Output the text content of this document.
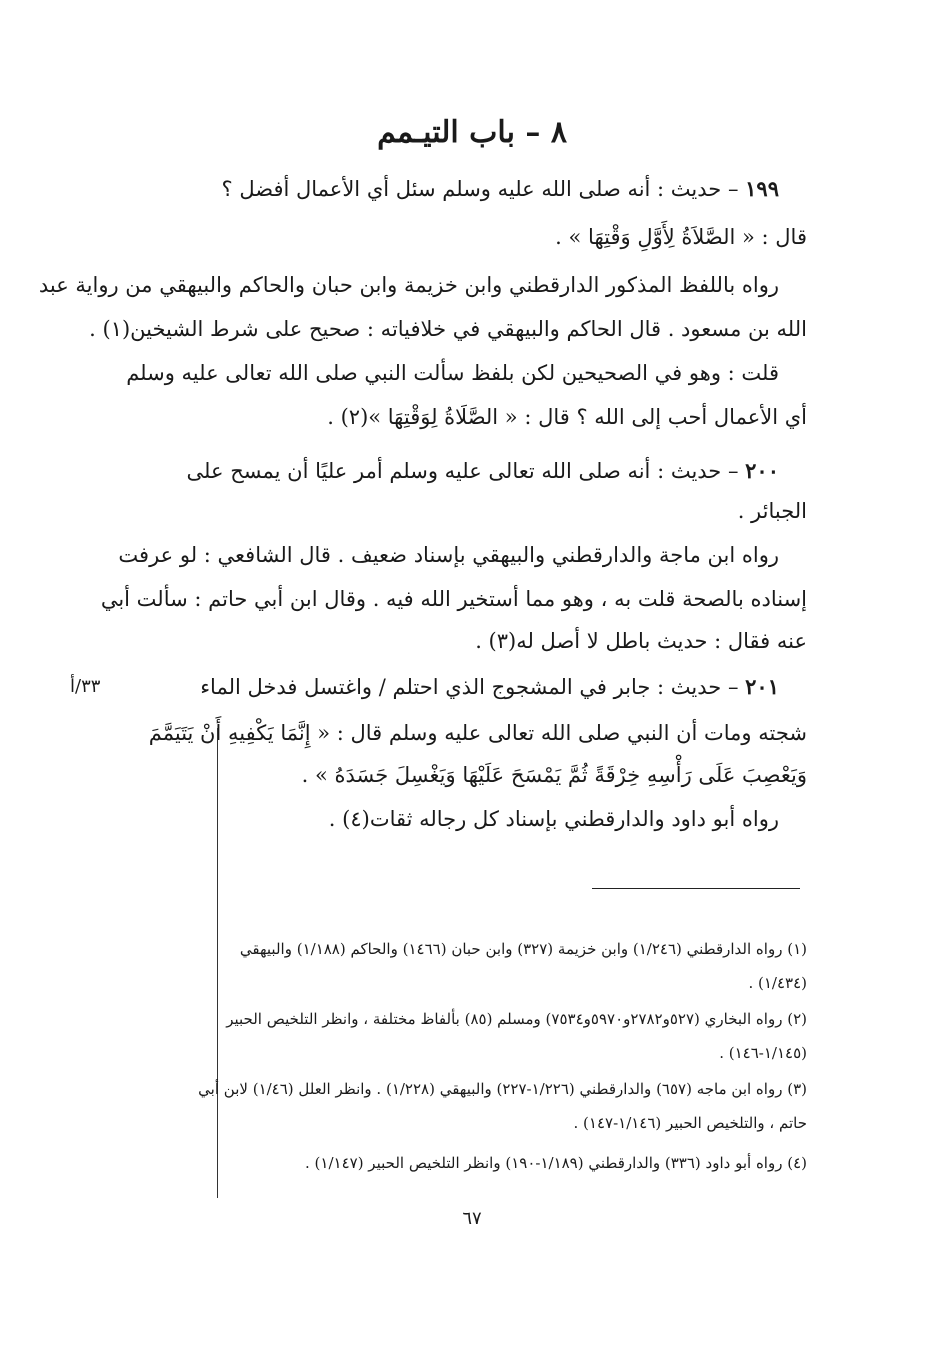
٨ – باب التيـمم
١٩٩ – حديث : أنه صلى الله عليه وسلم سئل أي الأعمال أفضل ؟
قال : « الصَّلاَةُ لِأَوَّلِ وَقْتِهَا » .
رواه باللفظ المذكور الدارقطني وابن خزيمة وابن حبان والحاكم والبيهقي من رواية عبد
الله بن مسعود . قال الحاكم والبيهقي في خلافياته : صحيح على شرط الشيخين(١) .
قلت : وهو في الصحيحين لكن بلفظ سألت النبي صلى الله تعالى عليه وسلم
أي الأعمال أحب إلى الله ؟ قال : « الصَّلَاةُ لِوَقْتِهَا »(٢) .
٢٠٠ – حديث : أنه صلى الله تعالى عليه وسلم أمر عليًا أن يمسح على
الجبائر .
رواه ابن ماجة والدارقطني والبيهقي بإسناد ضعيف . قال الشافعي : لو عرفت
إسناده بالصحة قلت به ، وهو مما أستخير الله فيه . وقال ابن أبي حاتم : سألت أبي
عنه فقال : حديث باطل لا أصل له(٣) .
٢٠١ – حديث : جابر في المشجوج الذي احتلم / واغتسل فدخل الماء
٣٣/أ
شجته ومات أن النبي صلى الله تعالى عليه وسلم قال : « إِنَّمَا يَكْفِيهِ أَنْ يَتَيَمَّمَ
وَيَعْصِبَ عَلَى رَأْسِهِ خِرْقَةً ثُمَّ يَمْسَحَ عَلَيْهَا وَيَغْسِلَ جَسَدَهُ » .
رواه أبو داود والدارقطني بإسناد كل رجاله ثقات(٤) .
(١) رواه الدارقطني (١/٢٤٦) وابن خزيمة (٣٢٧) وابن حبان (١٤٦٦) والحاكم (١/١٨٨) والبيهقي
(١/٤٣٤) .
(٢) رواه البخاري (٥٢٧و٢٧٨٢و٥٩٧٠و٧٥٣٤) ومسلم (٨٥) بألفاظ مختلفة ، وانظر التلخيص الحبير
(١/١٤٥-١٤٦) .
(٣) رواه ابن ماجه (٦٥٧) والدارقطني (١/٢٢٦-٢٢٧) والبيهقي (١/٢٢٨) . وانظر العلل (١/٤٦) لابن أبي
حاتم ، والتلخيص الحبير (١/١٤٦-١٤٧) .
(٤) رواه أبو داود (٣٣٦) والدارقطني (١/١٨٩-١٩٠) وانظر التلخيص الحبير (١/١٤٧) .
٦٧
